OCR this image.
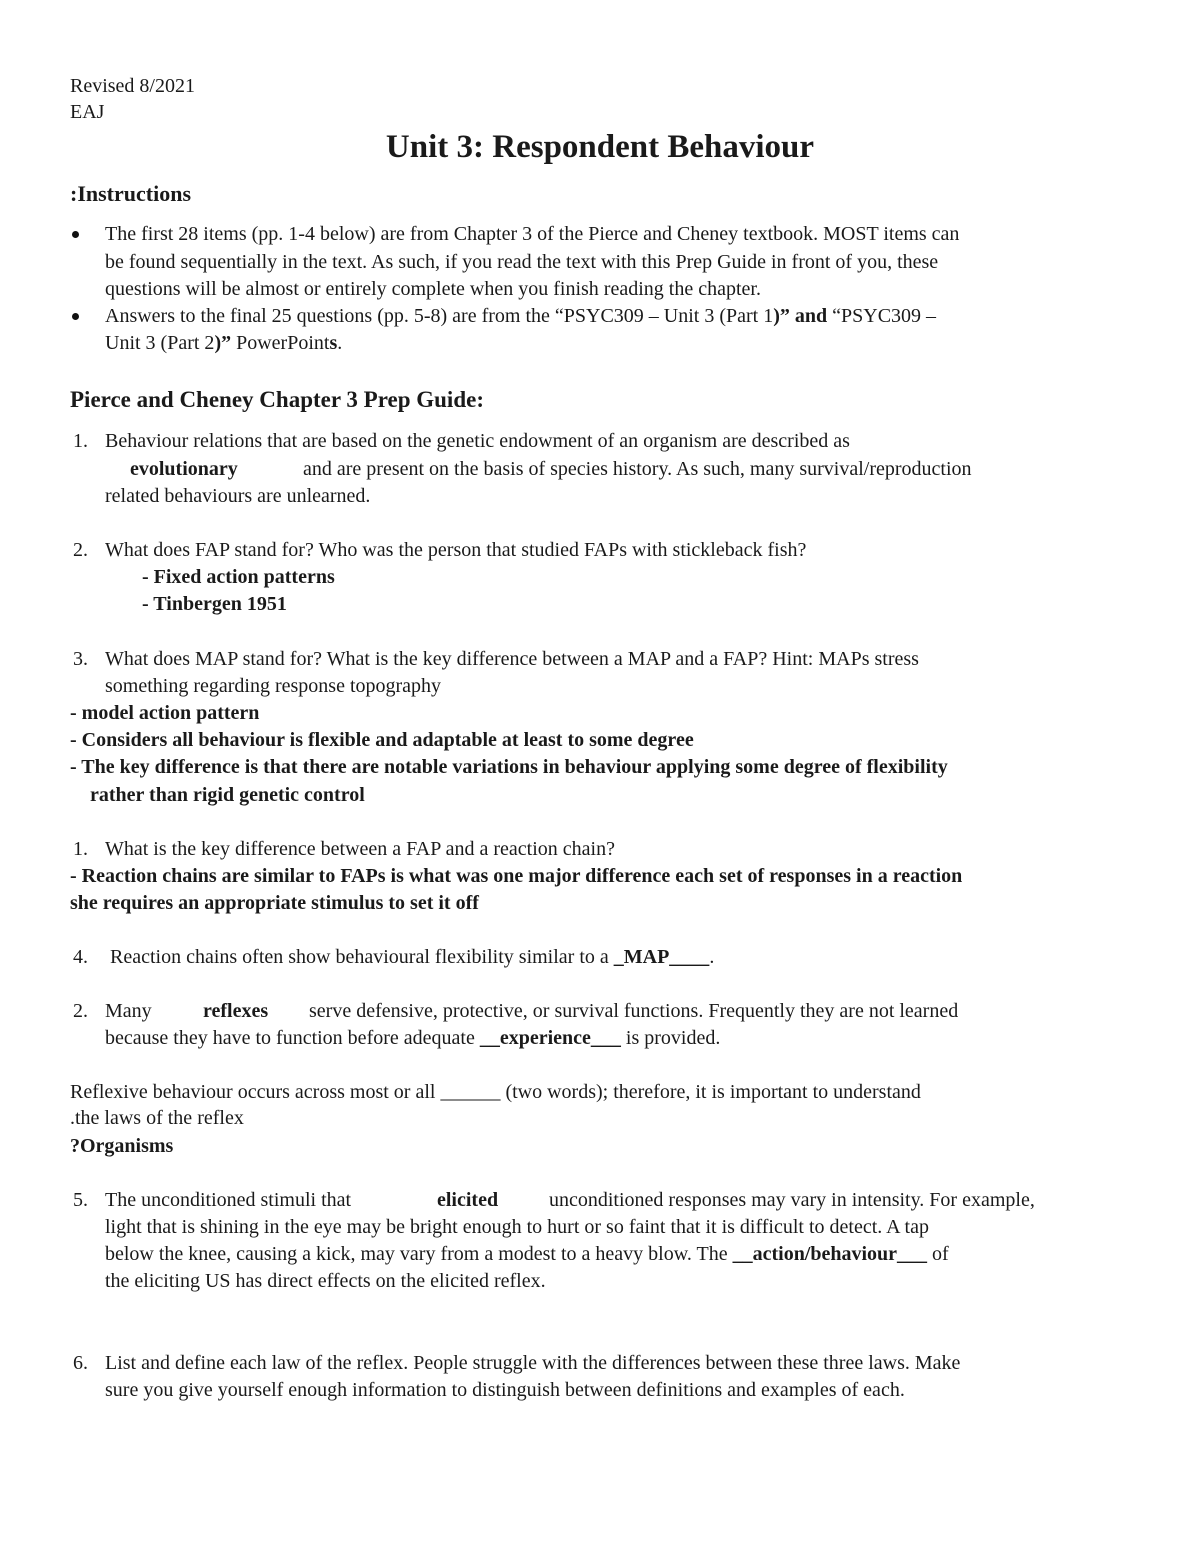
Revised 8/2021
EAJ
Unit 3: Respondent Behaviour
:Instructions
The first 28 items (pp. 1-4 below) are from Chapter 3 of the Pierce and Cheney textbook. MOST items can
be found sequentially in the text. As such, if you read the text with this Prep Guide in front of you, these
questions will be almost or entirely complete when you finish reading the chapter.
Answers to the final 25 questions (pp. 5-8) are from the “PSYC309 – Unit 3 (Part 1)” and “PSYC309 –
Unit 3 (Part 2)” PowerPoints.
Pierce and Cheney Chapter 3 Prep Guide:
1. Behaviour relations that are based on the genetic endowment of an organism are described as
evolutionary	and are present on the basis of species history. As such, many survival/reproduction
related behaviours are unlearned.
2. What does FAP stand for? Who was the person that studied FAPs with stickleback fish?
- Fixed action patterns
- Tinbergen 1951
3. What does MAP stand for? What is the key difference between a MAP and a FAP? Hint: MAPs stress
something regarding response topography
- model action pattern
- Considers all behaviour is flexible and adaptable at least to some degree
- The key difference is that there are notable variations in behaviour applying some degree of flexibility
rather than rigid genetic control
1. What is the key difference between a FAP and a reaction chain?
- Reaction chains are similar to FAPs is what was one major difference each set of responses in a reaction
she requires an appropriate stimulus to set it off
4. Reaction chains often show behavioural flexibility similar to a _MAP____.
2. Many	reflexes serve defensive, protective, or survival functions. Frequently they are not learned
because they have to function before adequate __experience___ is provided.
Reflexive behaviour occurs across most or all ______ (two words); therefore, it is important to understand
.the laws of the reflex
?Organisms
5. The unconditioned stimuli that	elicited	unconditioned responses may vary in intensity. For example,
light that is shining in the eye may be bright enough to hurt or so faint that it is difficult to detect. A tap
below the knee, causing a kick, may vary from a modest to a heavy blow. The __action/behaviour___ of
the eliciting US has direct effects on the elicited reflex.
6. List and define each law of the reflex. People struggle with the differences between these three laws. Make
sure you give yourself enough information to distinguish between definitions and examples of each.
